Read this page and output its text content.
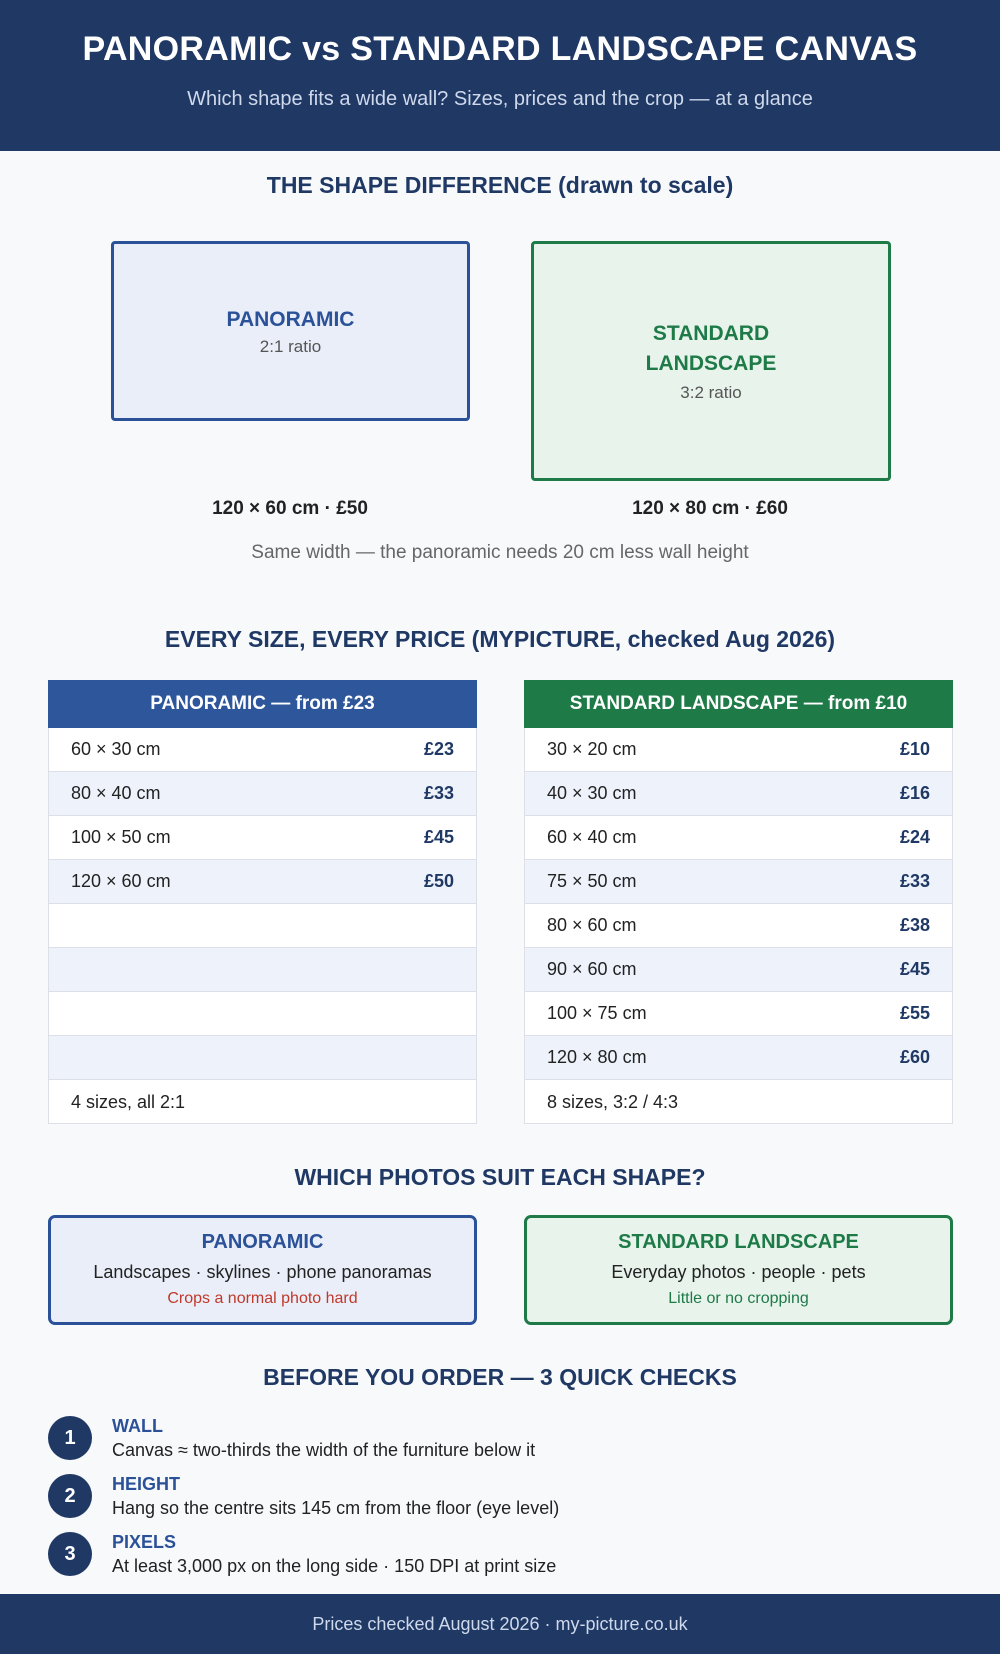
PANORAMIC vs STANDARD LANDSCAPE CANVAS
Which shape fits a wide wall? Sizes, prices and the crop — at a glance
THE SHAPE DIFFERENCE (drawn to scale)
PANORAMIC
2:1 ratio
STANDARD
LANDSCAPE
3:2 ratio
120 × 60 cm · £50	120 × 80 cm · £60
Same width — the panoramic needs 20 cm less wall height
EVERY SIZE, EVERY PRICE (MYPICTURE, checked Aug 2026)
PANORAMIC — from £23
60 × 30 cm	£23
80 × 40 cm	£33
100 × 50 cm	£45
120 × 60 cm	£50
4 sizes, all 2:1
STANDARD LANDSCAPE — from £10
30 × 20 cm	£10
40 × 30 cm	£16
60 × 40 cm	£24
75 × 50 cm	£33
80 × 60 cm	£38
90 × 60 cm	£45
100 × 75 cm	£55
120 × 80 cm	£60
8 sizes, 3:2 / 4:3
WHICH PHOTOS SUIT EACH SHAPE?
PANORAMIC
Landscapes · skylines · phone panoramas
Crops a normal photo hard
STANDARD LANDSCAPE
Everyday photos · people · pets
Little or no cropping
BEFORE YOU ORDER — 3 QUICK CHECKS
1
WALL
Canvas ≈ two-thirds the width of the furniture below it
2
HEIGHT
Hang so the centre sits 145 cm from the floor (eye level)
3
PIXELS
At least 3,000 px on the long side · 150 DPI at print size
Prices checked August 2026 · my-picture.co.uk
